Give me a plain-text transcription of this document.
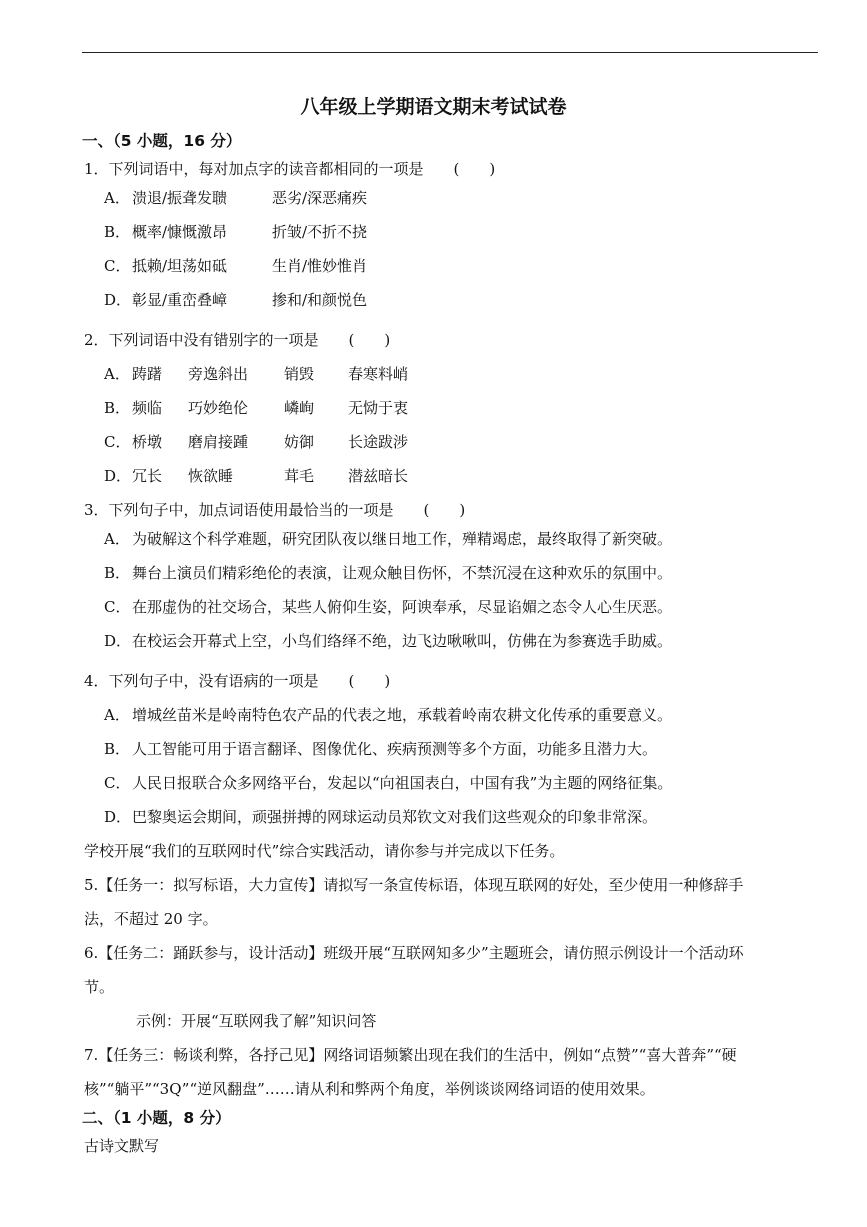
八年级上学期语文期末考试试卷
一、（5 小题，16 分）
1．下列词语中，每对加点字的读音都相同的一项是　　(　　)
A． 溃退/振聋发聩	恶劣/深恶痛疾
B． 概率/慷慨激昂	折皱/不折不挠
C． 抵赖/坦荡如砥	生肖/惟妙惟肖
D．彰显/重峦叠嶂	掺和/和颜悦色
2．下列词语中没有错别字的一项是　　(　　)
A． 踌躇 旁逸斜出 销毁 春寒料峭
B． 频临 巧妙绝伦 嶙峋 无恸于衷
C． 桥墩 磨肩接踵 妨御 长途跋涉
D．冗长 恢欲睡	茸毛 潜兹暗长
3．下列句子中，加点词语使用最恰当的一项是　　(　　)
A． 为破解这个科学难题，研究团队夜以继日地工作，殚精竭虑，最终取得了新突破。
B． 舞台上演员们精彩绝伦的表演，让观众触目伤怀，不禁沉浸在这种欢乐的氛围中。
C． 在那虚伪的社交场合，某些人俯仰生姿，阿谀奉承，尽显谄媚之态令人心生厌恶。
D．在校运会开幕式上空，小鸟们络绎不绝，边飞边啾啾叫，仿佛在为参赛选手助威。
4．下列句子中，没有语病的一项是　　(　　)
A． 增城丝苗米是岭南特色农产品的代表之地，承载着岭南农耕文化传承的重要意义。
B． 人工智能可用于语言翻译、图像优化、疾病预测等多个方面，功能多且潜力大。
C． 人民日报联合众多网络平台，发起以“向祖国表白，中国有我”为主题的网络征集。
D．巴黎奥运会期间，顽强拼搏的网球运动员郑钦文对我们这些观众的印象非常深。
学校开展“我们的互联网时代”综合实践活动，请你参与并完成以下任务。
5.【任务一：拟写标语，大力宣传】请拟写一条宣传标语，体现互联网的好处，至少使用一种修辞手
法，不超过 20 字。
6.【任务二：踊跃参与，设计活动】班级开展“互联网知多少”主题班会，请仿照示例设计一个活动环
节。
示例：开展“互联网我了解”知识问答
7.【任务三：畅谈利弊，各抒己见】网络词语频繁出现在我们的生活中，例如“点赞”“喜大普奔”“硬
核”“躺平”“3Q”“逆风翻盘”……请从利和弊两个角度，举例谈谈网络词语的使用效果。
二、（1 小题，8 分）
古诗文默写
